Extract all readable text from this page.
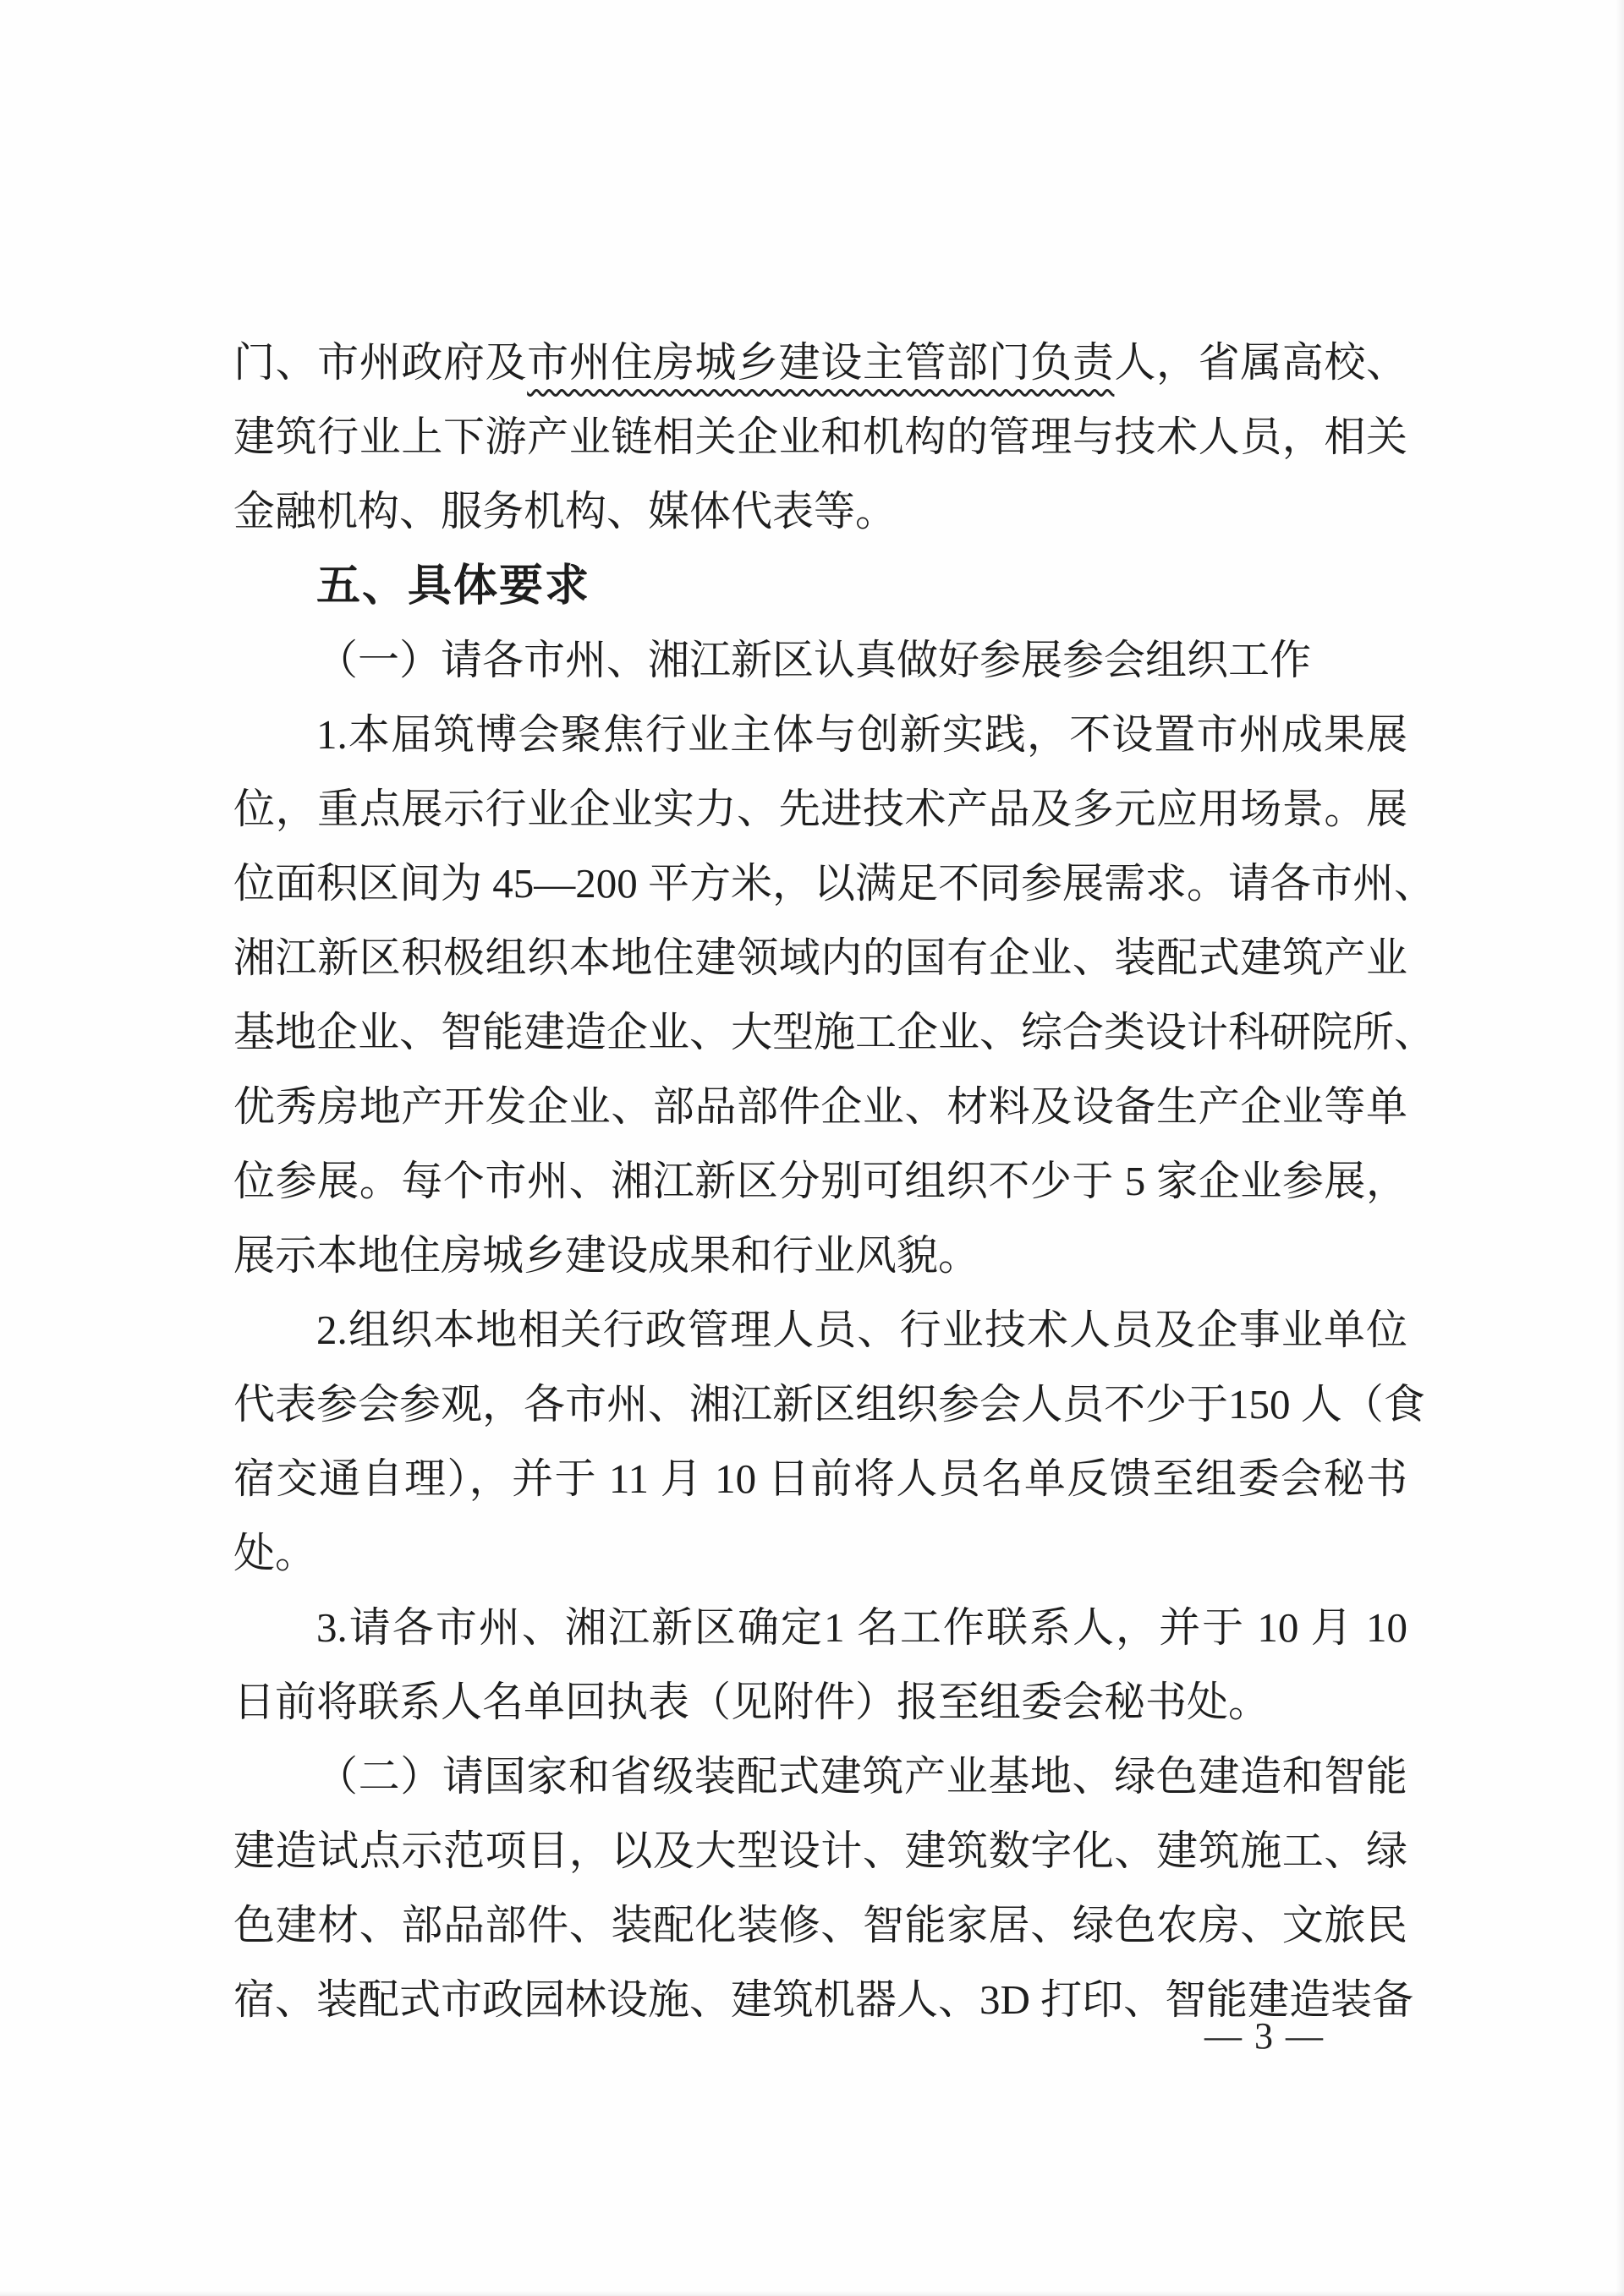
门、市州政府及市州住房城乡建设主管部门负责人，省属高校、
建筑行业上下游产业链相关企业和机构的管理与技术人员，相关
金融机构、服务机构、媒体代表等。
五、具体要求
（一）请各市州、湘江新区认真做好参展参会组织工作
1.本届筑博会聚焦行业主体与创新实践，不设置市州成果展
位，重点展示行业企业实力、先进技术产品及多元应用场景。展
位面积区间为 45—200 平方米，以满足不同参展需求。请各市州、
湘江新区积极组织本地住建领域内的国有企业、装配式建筑产业
基地企业、智能建造企业、大型施工企业、综合类设计科研院所、
优秀房地产开发企业、部品部件企业、材料及设备生产企业等单
位参展。每个市州、湘江新区分别可组织不少于 5 家企业参展，
展示本地住房城乡建设成果和行业风貌。
2.组织本地相关行政管理人员、行业技术人员及企事业单位
代表参会参观，各市州、湘江新区组织参会人员不少于150 人（食
宿交通自理），并于 11 月 10 日前将人员名单反馈至组委会秘书
处。
3.请各市州、湘江新区确定1 名工作联系人，并于 10 月 10
日前将联系人名单回执表（见附件）报至组委会秘书处。
（二）请国家和省级装配式建筑产业基地、绿色建造和智能
建造试点示范项目，以及大型设计、建筑数字化、建筑施工、绿
色建材、部品部件、装配化装修、智能家居、绿色农房、文旅民
宿、装配式市政园林设施、建筑机器人、3D 打印、智能建造装备
— 3 —
